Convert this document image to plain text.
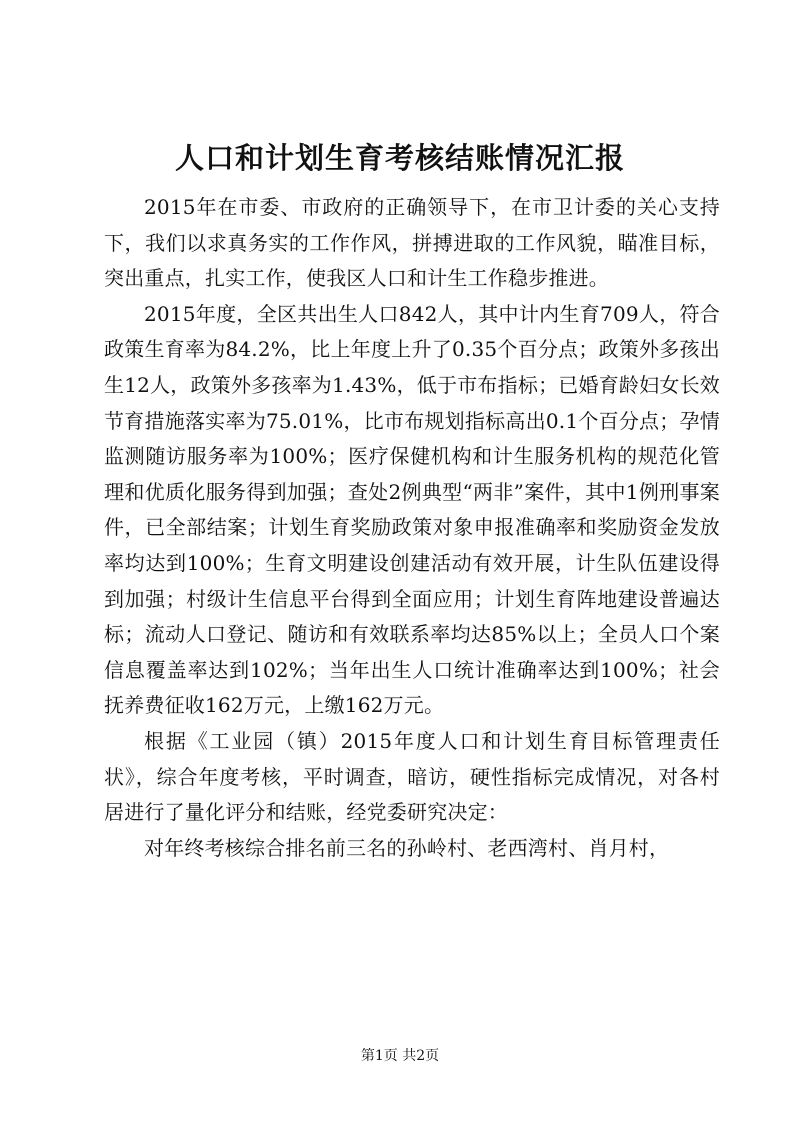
人口和计划生育考核结账情况汇报

2015年在市委、市政府的正确领导下，在市卫计委的关心支持下，我们以求真务实的工作作风，拼搏进取的工作风貌，瞄准目标，突出重点，扎实工作，使我区人口和计生工作稳步推进。

2015年度，全区共出生人口842人，其中计内生育709人，符合政策生育率为84.2%，比上年度上升了0.35个百分点；政策外多孩出生12人，政策外多孩率为1.43%，低于市布指标；已婚育龄妇女长效节育措施落实率为75.01%，比市布规划指标高出0.1个百分点；孕情监测随访服务率为100%；医疗保健机构和计生服务机构的规范化管理和优质化服务得到加强；查处2例典型“两非”案件，其中1例刑事案件，已全部结案；计划生育奖励政策对象申报准确率和奖励资金发放率均达到100%；生育文明建设创建活动有效开展，计生队伍建设得到加强；村级计生信息平台得到全面应用；计划生育阵地建设普遍达标；流动人口登记、随访和有效联系率均达85%以上；全员人口个案信息覆盖率达到102%；当年出生人口统计准确率达到100%；社会抚养费征收162万元，上缴162万元。

根据《工业园（镇）2015年度人口和计划生育目标管理责任状》，综合年度考核，平时调查，暗访，硬性指标完成情况，对各村居进行了量化评分和结账，经党委研究决定：

对年终考核综合排名前三名的孙岭村、老西湾村、肖月村，

第1页 共2页
